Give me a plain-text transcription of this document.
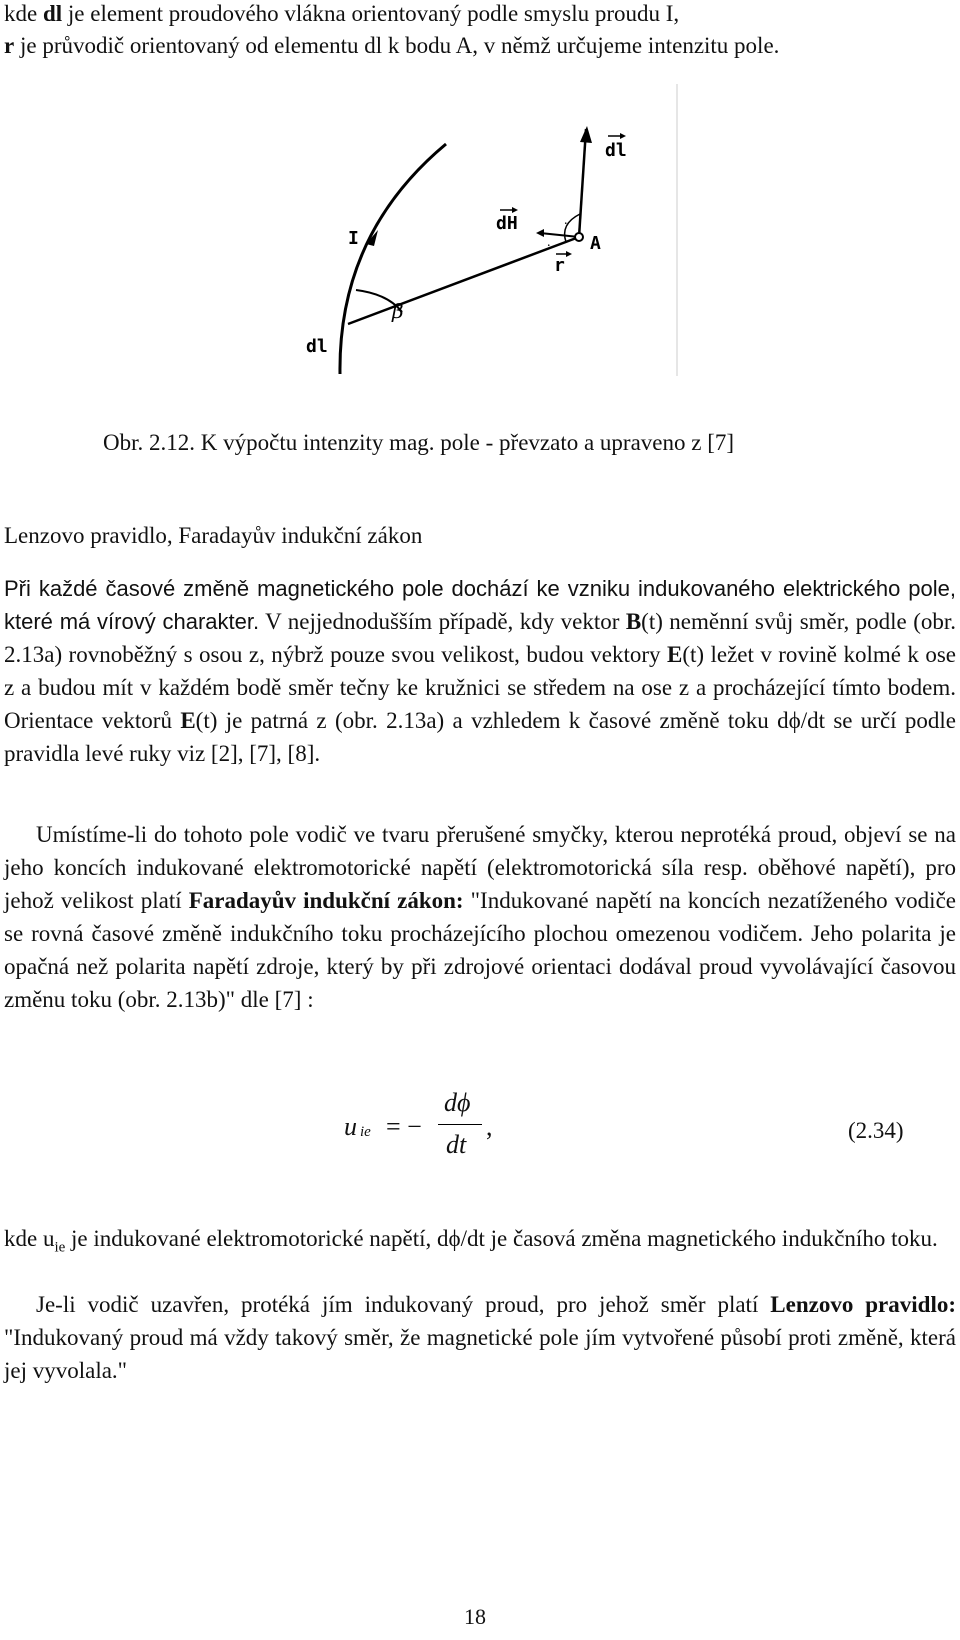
kde dl je element proudového vlákna orientovaný podle smyslu proudu I,
r je průvodič orientovaný od elementu dl k bodu A, v němž určujeme intenzitu pole.
.
.
dl
dH
I	A
r
β
dl
Obr. 2.12. K výpočtu intenzity mag. pole - převzato a upraveno z [7]
Lenzovo pravidlo, Faradayův indukční zákon
Při každé časové změně magnetického pole dochází ke vzniku indukovaného elektrického pole, které má vírový charakter. V nejjednodušším případě, kdy vektor B(t) neměnní svůj směr, podle (obr. 2.13a) rovnoběžný s osou z, nýbrž pouze svou velikost, budou vektory E(t) ležet v rovině kolmé k ose z a budou mít v každém bodě směr tečny ke kružnici se středem na ose z a procházející tímto bodem. Orientace vektorů E(t) je patrná z (obr. 2.13a) a vzhledem k časové změně toku dϕ/dt se určí podle pravidla levé ruky viz [2], [7], [8].
Umístíme-li do tohoto pole vodič ve tvaru přerušené smyčky, kterou neprotéká proud, objeví se na jeho koncích indukované elektromotorické napětí (elektromotorická síla resp. oběhové napětí), pro jehož velikost platí Faradayův indukční zákon: "Indukované napětí na koncích nezatíženého vodiče se rovná časové změně indukčního toku procházejícího plochou omezenou vodičem. Jeho polarita je opačná než polarita napětí zdroje, který by při zdrojové orientaci dodával proud vyvolávající časovou změnu toku (obr. 2.13b)" dle [7] :
u ie = −
dϕ
dt
,	(2.34)
kde $u_{ie}$ je indukované elektromotorické napětí, dϕ/dt je časová změna magnetického indukčního toku.
Je-li vodič uzavřen, protéká jím indukovaný proud, pro jehož směr platí Lenzovo pravidlo: "Indukovaný proud má vždy takový směr, že magnetické pole jím vytvořené působí proti změně, která jej vyvolala."
18
